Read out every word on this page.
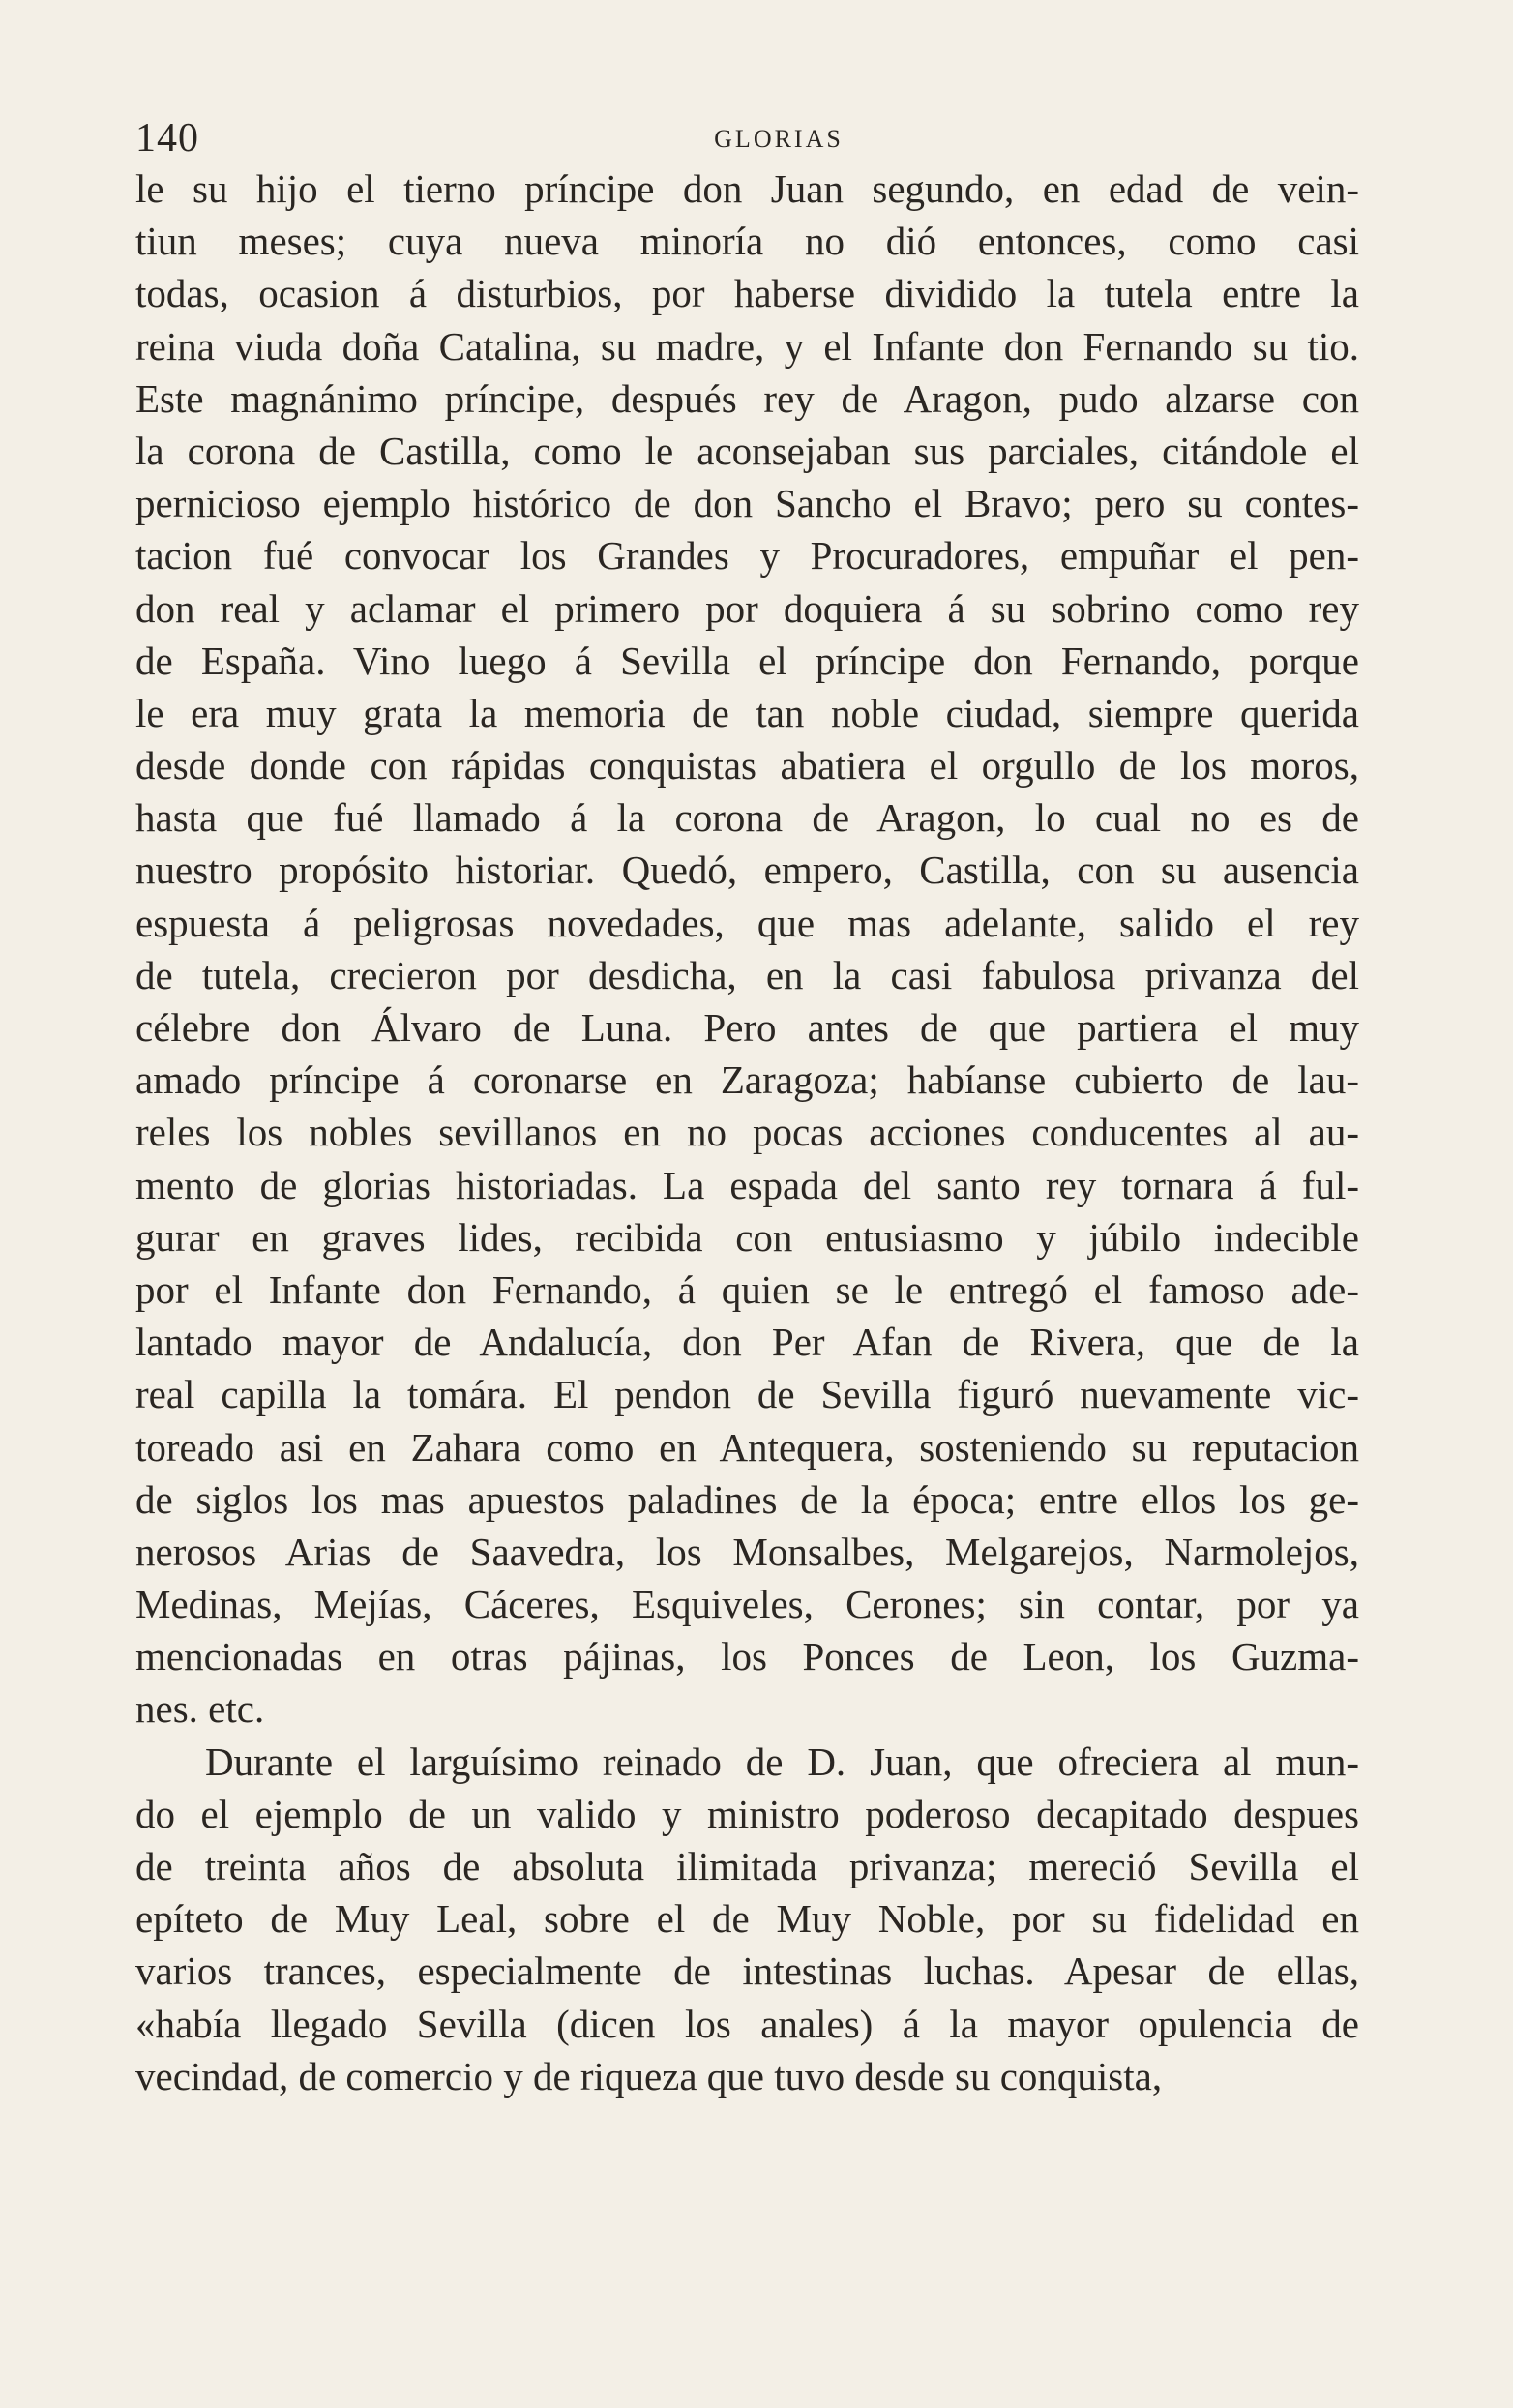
140	GLORIAS
le su hijo el tierno príncipe don Juan segundo, en edad de vein-
tiun meses; cuya nueva minoría no dió entonces, como casi
todas, ocasion á disturbios, por haberse dividido la tutela entre la
reina viuda doña Catalina, su madre, y el Infante don Fernando su tio.
Este magnánimo príncipe, después rey de Aragon, pudo alzarse con
la corona de Castilla, como le aconsejaban sus parciales, citándole el
pernicioso ejemplo histórico de don Sancho el Bravo; pero su contes-
tacion fué convocar los Grandes y Procuradores, empuñar el pen-
don real y aclamar el primero por doquiera á su sobrino como rey
de España. Vino luego á Sevilla el príncipe don Fernando, porque
le era muy grata la memoria de tan noble ciudad, siempre querida
desde donde con rápidas conquistas abatiera el orgullo de los moros,
hasta que fué llamado á la corona de Aragon, lo cual no es de
nuestro propósito historiar. Quedó, empero, Castilla, con su ausencia
espuesta á peligrosas novedades, que mas adelante, salido el rey
de tutela, crecieron por desdicha, en la casi fabulosa privanza del
célebre don Álvaro de Luna. Pero antes de que partiera el muy
amado príncipe á coronarse en Zaragoza; habíanse cubierto de lau-
reles los nobles sevillanos en no pocas acciones conducentes al au-
mento de glorias historiadas. La espada del santo rey tornara á ful-
gurar en graves lides, recibida con entusiasmo y júbilo indecible
por el Infante don Fernando, á quien se le entregó el famoso ade-
lantado mayor de Andalucía, don Per Afan de Rivera, que de la
real capilla la tomára. El pendon de Sevilla figuró nuevamente vic-
toreado asi en Zahara como en Antequera, sosteniendo su reputacion
de siglos los mas apuestos paladines de la época; entre ellos los ge-
nerosos Arias de Saavedra, los Monsalbes, Melgarejos, Narmolejos,
Medinas, Mejías, Cáceres, Esquiveles, Cerones; sin contar, por ya
mencionadas en otras pájinas, los Ponces de Leon, los Guzma-
nes. etc.
Durante el larguísimo reinado de D. Juan, que ofreciera al mun-
do el ejemplo de un valido y ministro poderoso decapitado despues
de treinta años de absoluta ilimitada privanza; mereció Sevilla el
epíteto de Muy Leal, sobre el de Muy Noble, por su fidelidad en
varios trances, especialmente de intestinas luchas. Apesar de ellas,
«había llegado Sevilla (dicen los anales) á la mayor opulencia de
vecindad, de comercio y de riqueza que tuvo desde su conquista,
